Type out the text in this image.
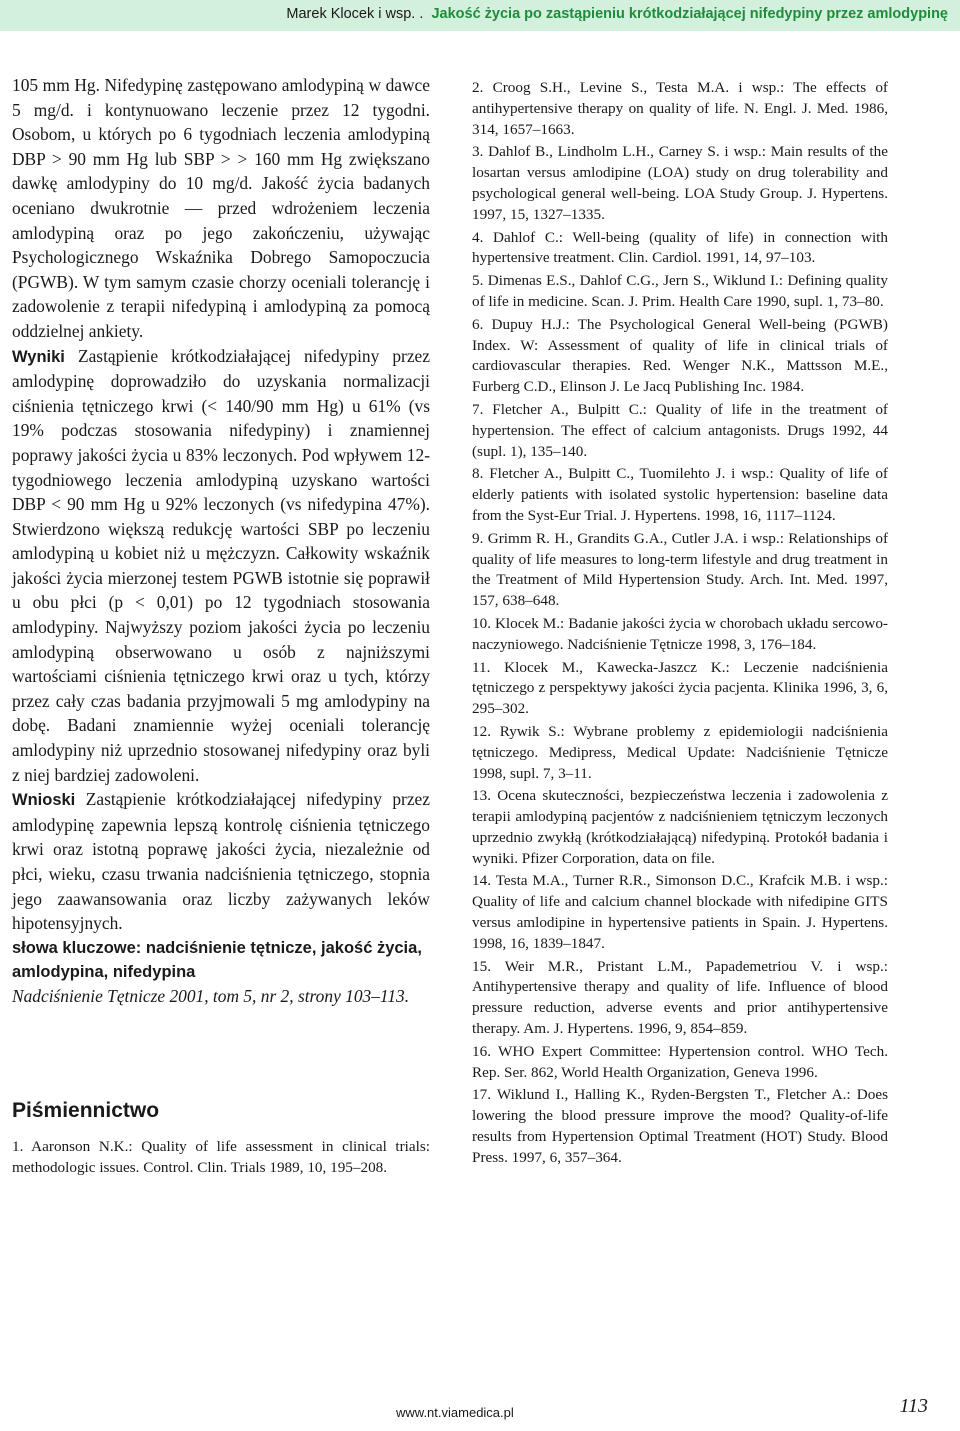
Marek Klocek i wsp. .  Jakość życia po zastąpieniu krótkodziałającej nifedypiny przez amlodypinę

105 mm Hg. Nifedypinę zastępowano amlodypiną w dawce 5 mg/d. i kontynuowano leczenie przez 12 tygodni. Osobom, u których po 6 tygodniach leczenia amlodypiną DBP > 90 mm Hg lub SBP > > 160 mm Hg zwiększano dawkę amlodypiny do 10 mg/d. Jakość życia badanych oceniano dwukrotnie — przed wdrożeniem leczenia amlodypiną oraz po jego zakończeniu, używając Psychologicznego Wskaźnika Dobrego Samopoczucia (PGWB). W tym samym czasie chorzy oceniali tolerancję i zadowolenie z terapii nifedypiną i amlodypiną za pomocą oddzielnej ankiety.

Wyniki Zastąpienie krótkodziałającej nifedypiny przez amlodypinę doprowadziło do uzyskania normalizacji ciśnienia tętniczego krwi (< 140/90 mm Hg) u 61% (vs 19% podczas stosowania nifedypiny) i znamiennej poprawy jakości życia u 83% leczonych. Pod wpływem 12-tygodniowego leczenia amlodypiną uzyskano wartości DBP < 90 mm Hg u 92% leczonych (vs nifedypina 47%). Stwierdzono większą redukcję wartości SBP po leczeniu amlodypiną u kobiet niż u mężczyzn. Całkowity wskaźnik jakości życia mierzonej testem PGWB istotnie się poprawił u obu płci (p < 0,01) po 12 tygodniach stosowania amlodypiny. Najwyższy poziom jakości życia po leczeniu amlodypiną obserwowano u osób z najniższymi wartościami ciśnienia tętniczego krwi oraz u tych, którzy przez cały czas badania przyjmowali 5 mg amlodypiny na dobę. Badani znamiennie wyżej oceniali tolerancję amlodypiny niż uprzednio stosowanej nifedypiny oraz byli z niej bardziej zadowoleni.

Wnioski Zastąpienie krótkodziałającej nifedypiny przez amlodypinę zapewnia lepszą kontrolę ciśnienia tętniczego krwi oraz istotną poprawę jakości życia, niezależnie od płci, wieku, czasu trwania nadciśnienia tętniczego, stopnia jego zaawansowania oraz liczby zażywanych leków hipotensyjnych.

słowa kluczowe: nadciśnienie tętnicze, jakość życia, amlodypina, nifedypina

Nadciśnienie Tętnicze 2001, tom 5, nr 2, strony 103–113.

Piśmiennictwo

1. Aaronson N.K.: Quality of life assessment in clinical trials: methodologic issues. Control. Clin. Trials 1989, 10, 195–208.

2. Croog S.H., Levine S., Testa M.A. i wsp.: The effects of antihypertensive therapy on quality of life. N. Engl. J. Med. 1986, 314, 1657–1663.

3. Dahlof B., Lindholm L.H., Carney S. i wsp.: Main results of the losartan versus amlodipine (LOA) study on drug tolerability and psychological general well-being. LOA Study Group. J. Hypertens. 1997, 15, 1327–1335.

4. Dahlof C.: Well-being (quality of life) in connection with hypertensive treatment. Clin. Cardiol. 1991, 14, 97–103.

5. Dimenas E.S., Dahlof C.G., Jern S., Wiklund I.: Defining quality of life in medicine. Scan. J. Prim. Health Care 1990, supl. 1, 73–80.

6. Dupuy H.J.: The Psychological General Well-being (PGWB) Index. W: Assessment of quality of life in clinical trials of cardiovascular therapies. Red. Wenger N.K., Mattsson M.E., Furberg C.D., Elinson J. Le Jacq Publishing Inc. 1984.

7. Fletcher A., Bulpitt C.: Quality of life in the treatment of hypertension. The effect of calcium antagonists. Drugs 1992, 44 (supl. 1), 135–140.

8. Fletcher A., Bulpitt C., Tuomilehto J. i wsp.: Quality of life of elderly patients with isolated systolic hypertension: baseline data from the Syst-Eur Trial. J. Hypertens. 1998, 16, 1117–1124.

9. Grimm R. H., Grandits G.A., Cutler J.A. i wsp.: Relationships of quality of life measures to long-term lifestyle and drug treatment in the Treatment of Mild Hypertension Study. Arch. Int. Med. 1997, 157, 638–648.

10. Klocek M.: Badanie jakości życia w chorobach układu sercowo-naczyniowego. Nadciśnienie Tętnicze 1998, 3, 176–184.

11. Klocek M., Kawecka-Jaszcz K.: Leczenie nadciśnienia tętniczego z perspektywy jakości życia pacjenta. Klinika 1996, 3, 6, 295–302.

12. Rywik S.: Wybrane problemy z epidemiologii nadciśnienia tętniczego. Medipress, Medical Update: Nadciśnienie Tętnicze 1998, supl. 7, 3–11.

13. Ocena skuteczności, bezpieczeństwa leczenia i zadowolenia z terapii amlodypiną pacjentów z nadciśnieniem tętniczym leczonych uprzednio zwykłą (krótkodziałającą) nifedypiną. Protokół badania i wyniki. Pfizer Corporation, data on file.

14. Testa M.A., Turner R.R., Simonson D.C., Krafcik M.B. i wsp.: Quality of life and calcium channel blockade with nifedipine GITS versus amlodipine in hypertensive patients in Spain. J. Hypertens. 1998, 16, 1839–1847.

15. Weir M.R., Pristant L.M., Papademetriou V. i wsp.: Antihypertensive therapy and quality of life. Influence of blood pressure reduction, adverse events and prior antihypertensive therapy. Am. J. Hypertens. 1996, 9, 854–859.

16. WHO Expert Committee: Hypertension control. WHO Tech. Rep. Ser. 862, World Health Organization, Geneva 1996.

17. Wiklund I., Halling K., Ryden-Bergsten T., Fletcher A.: Does lowering the blood pressure improve the mood? Quality-of-life results from Hypertension Optimal Treatment (HOT) Study. Blood Press. 1997, 6, 357–364.

www.nt.viamedica.pl	113
